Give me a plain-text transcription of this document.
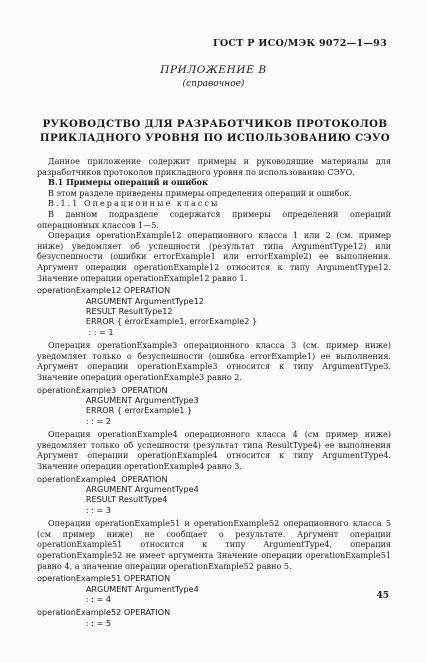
ГОСТ Р ИСО/МЭК 9072—1—93
ПРИЛОЖЕНИЕ В
(справочное)
РУКОВОДСТВО ДЛЯ РАЗРАБОТЧИКОВ ПРОТОКОЛОВ ПРИКЛАДНОГО УРОВНЯ ПО ИСПОЛЬЗОВАНИЮ СЭУО

Данное приложение содержит примеры и руководящие материалы для разработчиков протоколов прикладного уровня по использованию СЭУО.

B.1 Примеры операций и ошибок

В этом разделе приведены примеры определения операций и ошибок.

B.1.1 Операционные классы

В данном подразделе содержатся примеры определений операций операционных классов 1—5.

Операция operationExample12 операционного класса 1 или 2 (см. пример ниже) уведомляет об успешности (результат типа ArgumentType12) или безуспешности (ошибки errorExample1 или errorExample2) ее выполнения. Аргумент операции operationExample12 относится к типу ArgumentType12. Значение операции operationExample12 равно 1.

operationExample12 OPERATION
ARGUMENT ArgumentType12
RESULT ResultType12
ERROR { errorExample1, errorExample2 }
: : = 1

Операция operationExample3 операционного класса 3 (см. пример ниже) уведомляет только о безуспешности (ошибка errorExample1) ее выполнения. Аргумент операции operationExample3 относится к типу ArgumentType3. Значение операции operationExample3 равно 2.

operationExample3  OPERATION
ARGUMENT ArgumentType3
ERROR { errorExample1 }
: : = 2

Операция operationExample4 операционного класса 4 (см пример ниже) уведомляет только об успешности (результат типа ResultType4) ее выполнения Аргумент операции operationExample4 относится к типу ArgumentType4. Значение операции operationExample4 равно 3.

operationExample4  OPERATION
ARGUMENT ArgumentType4
RESULT ResultType4
: : = 3

Операции operationExample51 и operationExample52 операционного класса 5 (см пример ниже) не сообщает о результате. Аргумент операции operationExample51 относится к типу ArgumentType4, операция operationExample52 не имеет аргумента Значение операции operationExample51 равно 4, а значение операции operationExample52 равно 5.

operationExample51 OPERATION
ARGUMENT ArgumentType4
: : = 4
operationExample52 OPERATION
: : = 5
45
